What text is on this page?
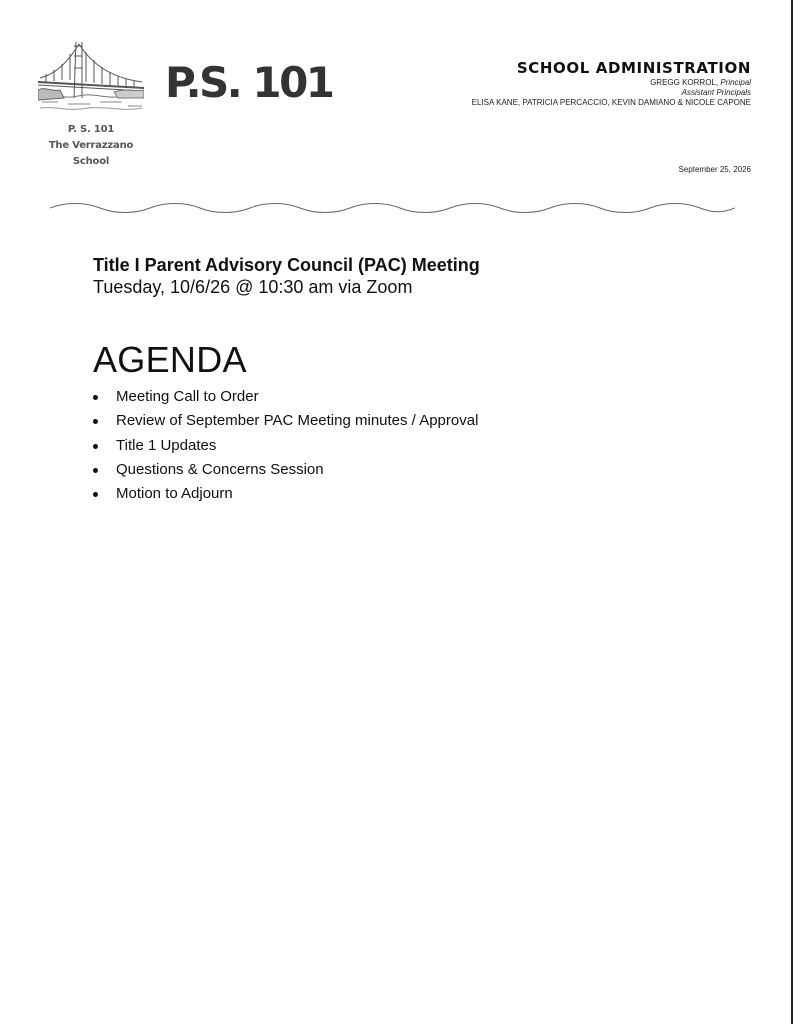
P. S. 101
The Verrazzano School
P.S. 101	SCHOOL ADMINISTRATION
GREGG KORROL, Principal
Assistant Principals
ELISA KANE, PATRICIA PERCACCIO, KEVIN DAMIANO & NICOLE CAPONE
September 25, 2026
Title I Parent Advisory Council (PAC) Meeting
Tuesday, 10/6/26 @ 10:30 am via Zoom
AGENDA
Meeting Call to Order
Review of September PAC Meeting minutes / Approval
Title 1 Updates
Questions & Concerns Session
Motion to Adjourn
